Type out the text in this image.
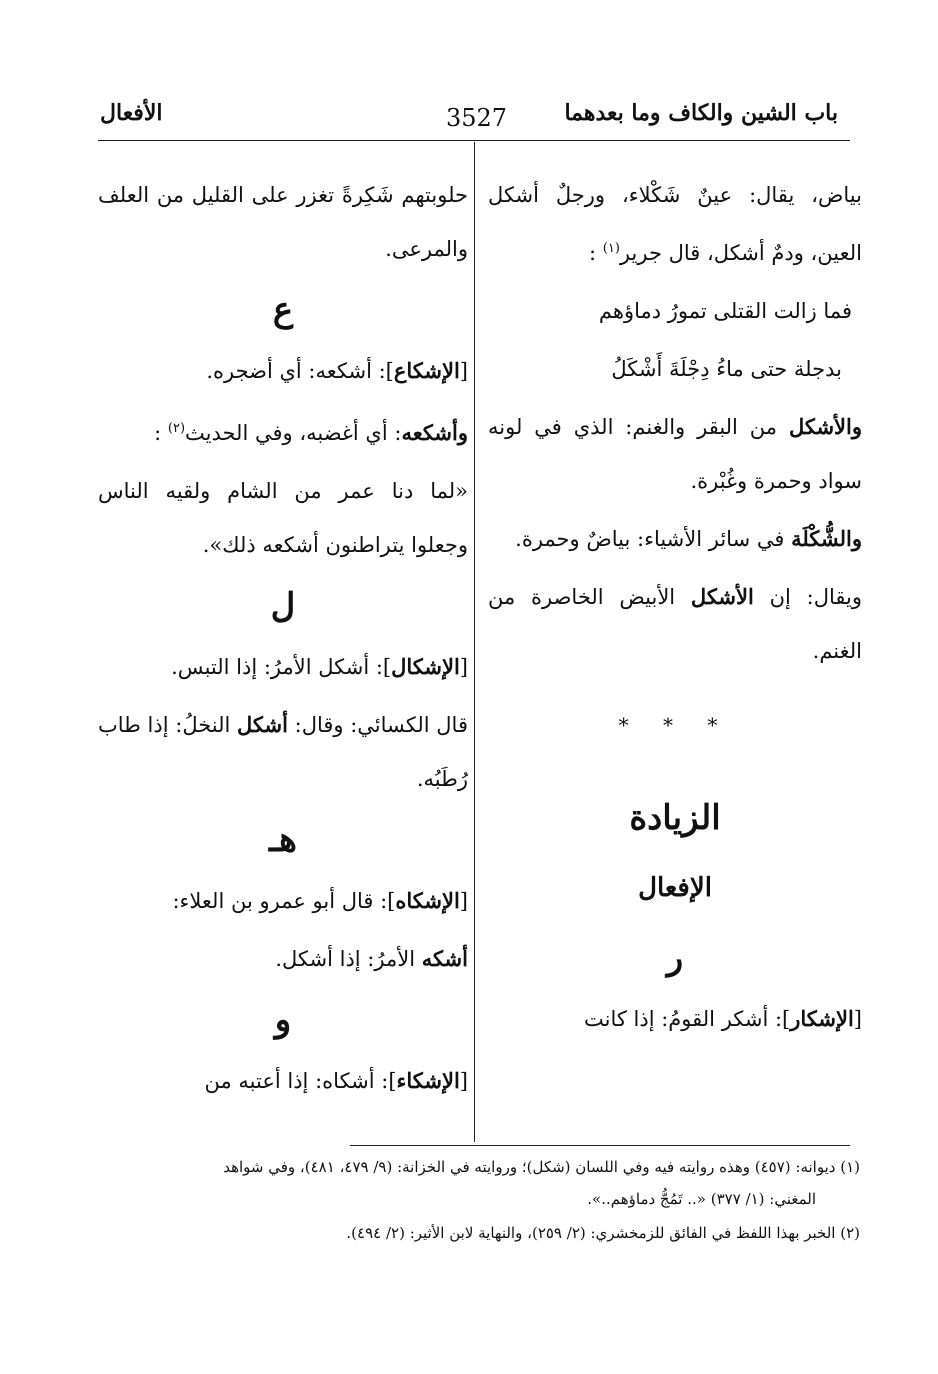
باب الشين والكاف وما بعدهما
3527
الأفعال

بياض، يقال: عينٌ شَكْلاء، ورجلٌ أشكل العين، ودمٌ أشكل، قال جرير$^{(١)}$ :

فما زالت القتلى تمورُ دماؤهم

بدجلة حتى ماءُ دِجْلَةَ أَشْكَلُ

والأشكل من البقر والغنم: الذي في لونه سواد وحمرة وغُبْرة.

والشُّكْلَة في سائر الأشياء: بياضٌ وحمرة.

ويقال: إن الأشكل الأبيض الخاصرة من الغنم.

* * *

الزيادة

الإفعال

ر

[الإشكار]: أشكر القومُ: إذا كانت

حلوبتهم شَكِرةً تغزر على القليل من العلف والمرعى.

ع

[الإشكاع]: أشكعه: أي أضجره.

وأشكعه: أي أغضبه، وفي الحديث$^{(٢)}$ :

«لما دنا عمر من الشام ولقيه الناس وجعلوا يتراطنون أشكعه ذلك».

ل

[الإشكال]: أشكل الأمرُ: إذا التبس.

قال الكسائي: وقال: أشكل النخلُ: إذا طاب رُطَبُه.

هـ

[الإشكاه]: قال أبو عمرو بن العلاء:

أشكه الأمرُ: إذا أشكل.

و

[الإشكاء]: أشكاه: إذا أعتبه من

(١) ديوانه: (٤٥٧) وهذه روايته فيه وفي اللسان (شكل)؛ وروايته في الخزانة: (٩/ ٤٧٩، ٤٨١)، وفي شواهد
المغني: (١/ ٣٧٧) «.. تَمُجُّ دماؤهم..».
(٢) الخبر بهذا اللفظ في الفائق للزمخشري: (٢/ ٢٥٩)، والنهاية لابن الأثير: (٢/ ٤٩٤).
